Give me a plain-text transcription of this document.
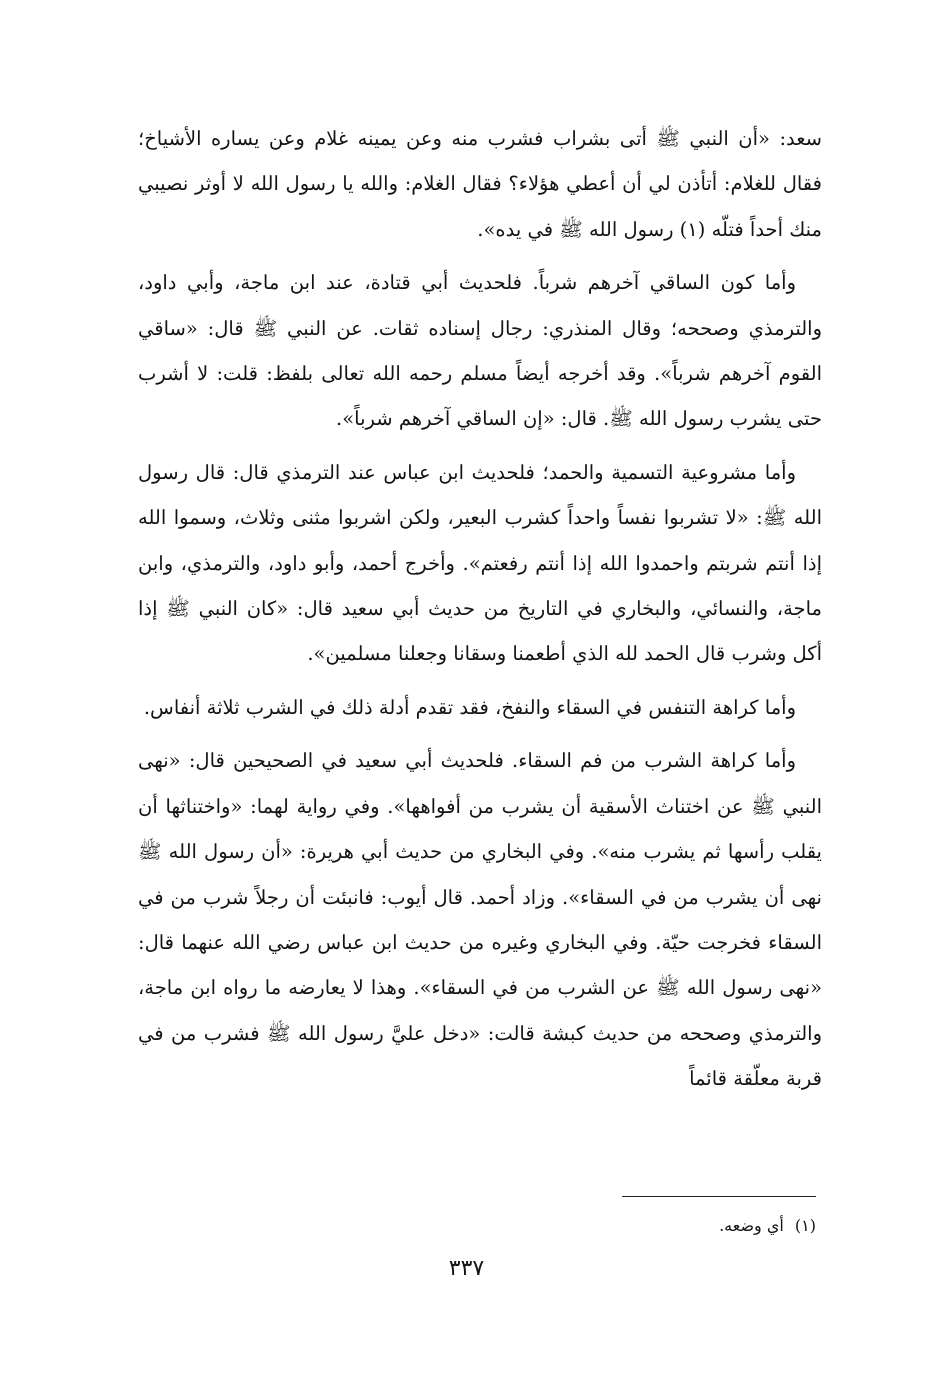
سعد: «أن النبي ﷺ أتى بشراب فشرب منه وعن يمينه غلام وعن يساره الأشياخ؛ فقال للغلام: أتأذن لي أن أعطي هؤلاء؟ فقال الغلام: والله يا رسول الله لا أوثر نصيبي منك أحداً فتلّه (١) رسول الله ﷺ في يده».

وأما كون الساقي آخرهم شرباً. فلحديث أبي قتادة، عند ابن ماجة، وأبي داود، والترمذي وصححه؛ وقال المنذري: رجال إسناده ثقات. عن النبي ﷺ قال: «ساقي القوم آخرهم شرباً». وقد أخرجه أيضاً مسلم رحمه الله تعالى بلفظ: قلت: لا أشرب حتى يشرب رسول الله ﷺ. قال: «إن الساقي آخرهم شرباً».

وأما مشروعية التسمية والحمد؛ فلحديث ابن عباس عند الترمذي قال: قال رسول الله ﷺ: «لا تشربوا نفساً واحداً كشرب البعير، ولكن اشربوا مثنى وثلاث، وسموا الله إذا أنتم شربتم واحمدوا الله إذا أنتم رفعتم». وأخرج أحمد، وأبو داود، والترمذي، وابن ماجة، والنسائي، والبخاري في التاريخ من حديث أبي سعيد قال: «كان النبي ﷺ إذا أكل وشرب قال الحمد لله الذي أطعمنا وسقانا وجعلنا مسلمين».

وأما كراهة التنفس في السقاء والنفخ، فقد تقدم أدلة ذلك في الشرب ثلاثة أنفاس.

وأما كراهة الشرب من فم السقاء. فلحديث أبي سعيد في الصحيحين قال: «نهى النبي ﷺ عن اختناث الأسقية أن يشرب من أفواهها». وفي رواية لهما: «واختناثها أن يقلب رأسها ثم يشرب منه». وفي البخاري من حديث أبي هريرة: «أن رسول الله ﷺ نهى أن يشرب من في السقاء». وزاد أحمد. قال أيوب: فانبئت أن رجلاً شرب من في السقاء فخرجت حيّة. وفي البخاري وغيره من حديث ابن عباس رضي الله عنهما قال: «نهى رسول الله ﷺ عن الشرب من في السقاء». وهذا لا يعارضه ما رواه ابن ماجة، والترمذي وصححه من حديث كبشة قالت: «دخل عليَّ رسول الله ﷺ فشرب من في قربة معلّقة قائماً

(١) أي وضعه.
٣٣٧
